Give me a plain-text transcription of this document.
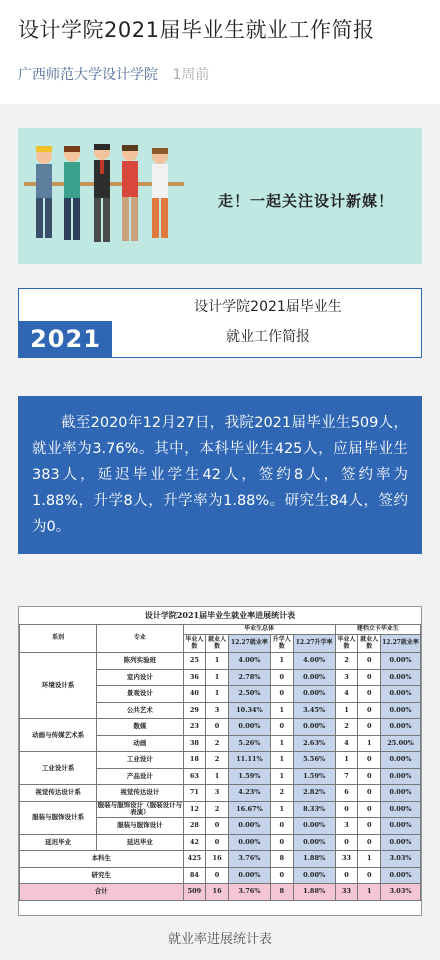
设计学院2021届毕业生就业工作简报
广西师范大学设计学院 1周前
走！一起关注设计新媒！
2021
设计学院2021届毕业生
就业工作简报

截至2020年12月27日，我院2021届毕业生509人，就业率为3.76%。其中，本科毕业生425人，应届毕业生383人，延迟毕业学生42人，签约8人，签约率为1.88%，升学8人，升学率为1.88%。研究生84人，签约为0。

设计学院2021届毕业生就业率进展统计表									
系别	专业	毕业生总体					建档立卡毕业生		
		毕业人数	就业人数	12.27就业率	升学人数	12.27升学率	毕业人数	就业人数	12.27就业率
环境设计系	陈列实验班	25	1	4.00%	1	4.00%	2	0	0.00%
	室内设计	36	1	2.78%	0	0.00%	3	0	0.00%
	景观设计	40	1	2.50%	0	0.00%	4	0	0.00%
	公共艺术	29	3	10.34%	1	3.45%	1	0	0.00%
动画与传媒艺术系	数媒	23	0	0.00%	0	0.00%	2	0	0.00%
	动画	38	2	5.26%	1	2.63%	4	1	25.00%
工业设计系	工业设计	18	2	11.11%	1	5.56%	1	0	0.00%
	产品设计	63	1	1.59%	1	1.59%	7	0	0.00%
视觉传达设计系	视觉传达设计	71	3	4.23%	2	2.82%	6	0	0.00%
服装与服饰设计系	服装与服饰设计（服装设计与表演）	12	2	16.67%	1	8.33%	0	0	0.00%
	服装与服饰设计	28	0	0.00%	0	0.00%	3	0	0.00%
延迟毕业	延迟毕业	42	0	0.00%	0	0.00%	0	0	0.00%
本科生		425	16	3.76%	8	1.88%	33	1	3.03%
研究生		84	0	0.00%	0	0.00%	0	0	0.00%
合计		509	16	3.76%	8	1.88%	33	1	3.03%
就业率进展统计表
